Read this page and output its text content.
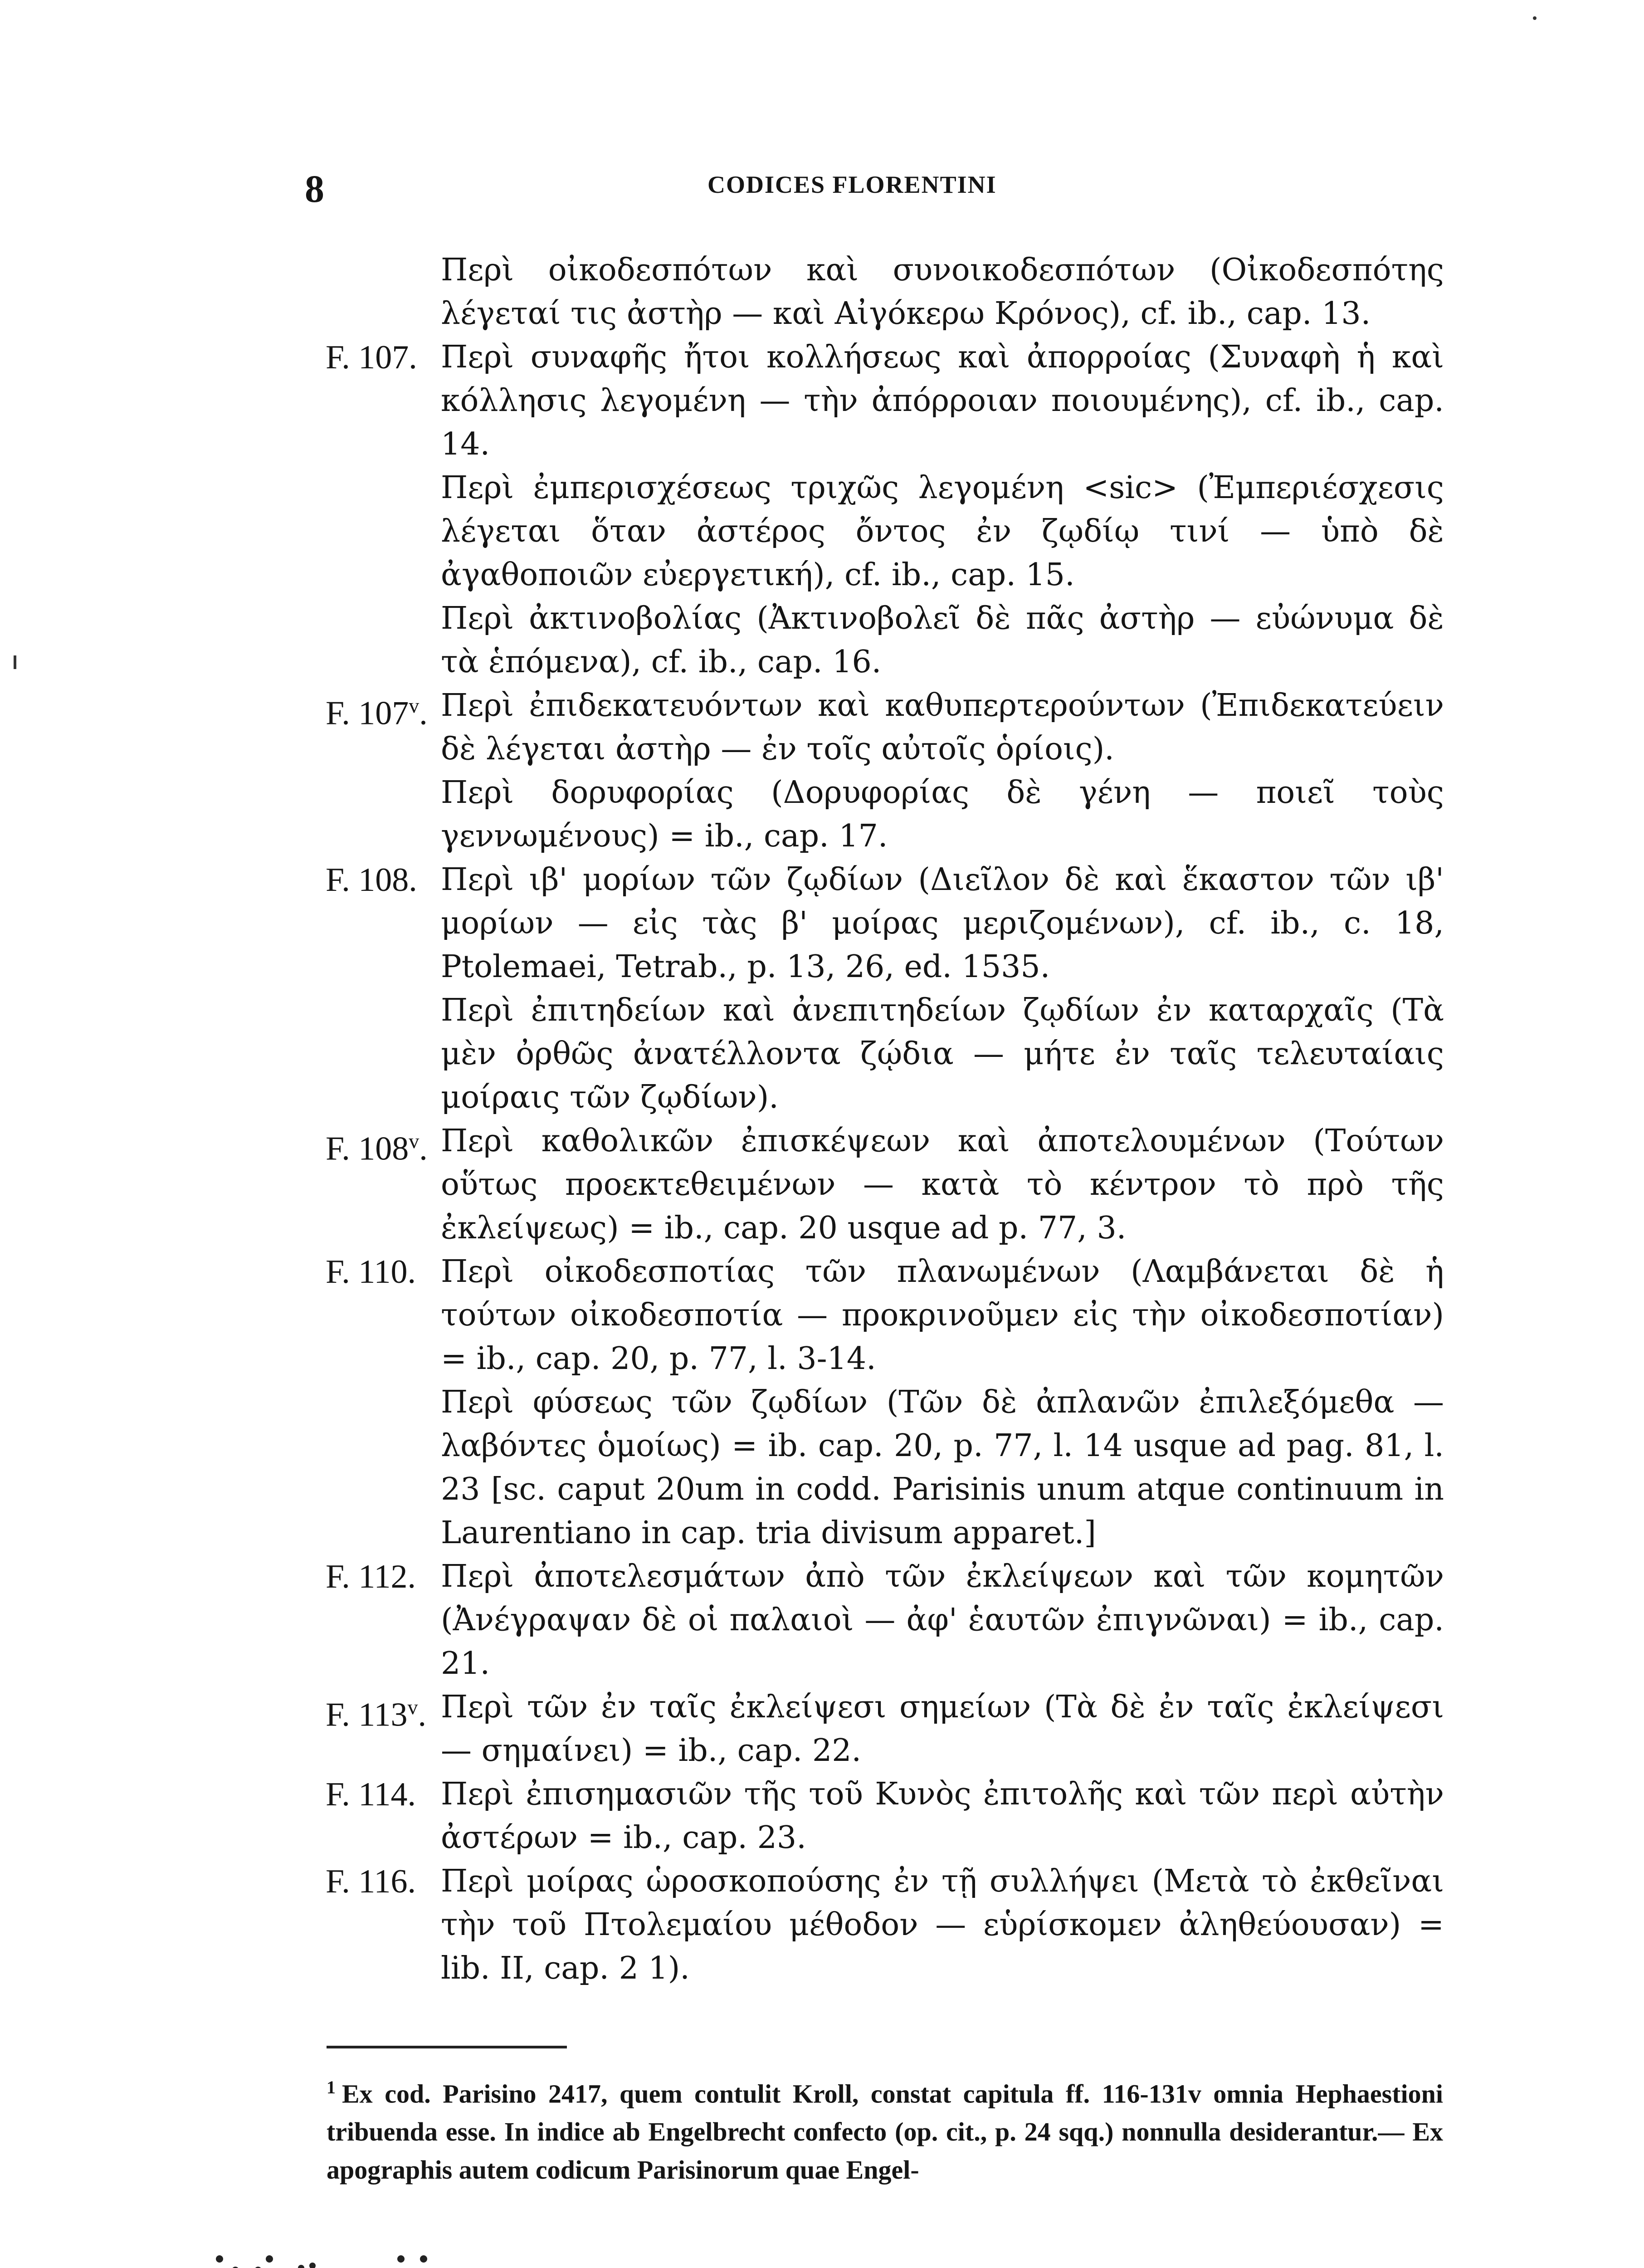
8	CODICES FLORENTINI
Περὶ οἰκοδεσπότων καὶ συνοικοδεσπότων (Οἰκοδεσπότης λέγεταί τις ἀστὴρ — καὶ Αἰγόκερω Κρόνος), cf. ib., cap. 13.
F. 107. Περὶ συναφῆς ἤτοι κολλήσεως καὶ ἀπορροίας (Συναφὴ ἡ καὶ κόλλησις λεγομένη — τὴν ἀπόρροιαν ποιουμένης), cf. ib., cap. 14.
Περὶ ἐμπερισχέσεως τριχῶς λεγομένη <sic> (Ἐμπεριέσχεσις λέγεται ὅταν ἀστέρος ὄντος ἐν ζῳδίῳ τινί — ὑπὸ δὲ ἀγαθοποιῶν εὐεργετική), cf. ib., cap. 15.
Περὶ ἀκτινοβολίας (Ἀκτινοβολεῖ δὲ πᾶς ἀστὴρ — εὐώνυμα δὲ τὰ ἑπόμενα), cf. ib., cap. 16.
F. 107$^v$. Περὶ ἐπιδεκατευόντων καὶ καθυπερτερούντων (Ἐπιδεκατεύειν δὲ λέγεται ἀστὴρ — ἐν τοῖς αὐτοῖς ὁρίοις).
Περὶ δορυφορίας (Δορυφορίας δὲ γένη — ποιεῖ τοὺς γεννωμένους) = ib., cap. 17.
F. 108. Περὶ ιβ' μορίων τῶν ζῳδίων (Διεῖλον δὲ καὶ ἕκαστον τῶν ιβ' μορίων — εἰς τὰς β' μοίρας μεριζομένων), cf. ib., c. 18, Ptolemaei, Tetrab., p. 13, 26, ed. 1535.
Περὶ ἐπιτηδείων καὶ ἀνεπιτηδείων ζῳδίων ἐν καταρχαῖς (Τὰ μὲν ὀρθῶς ἀνατέλλοντα ζῴδια — μήτε ἐν ταῖς τελευταίαις μοίραις τῶν ζῳδίων).
F. 108$^v$. Περὶ καθολικῶν ἐπισκέψεων καὶ ἀποτελουμένων (Τούτων οὕτως προεκτεθειμένων — κατὰ τὸ κέντρον τὸ πρὸ τῆς ἐκλείψεως) = ib., cap. 20 usque ad p. 77, 3.
F. 110. Περὶ οἰκοδεσποτίας τῶν πλανωμένων (Λαμβάνεται δὲ ἡ τούτων οἰκοδεσποτία — προκρινοῦμεν εἰς τὴν οἰκοδεσποτίαν) = ib., cap. 20, p. 77, l. 3-14.
Περὶ φύσεως τῶν ζῳδίων (Τῶν δὲ ἀπλανῶν ἐπιλεξόμεθα — λαβόντες ὁμοίως) = ib. cap. 20, p. 77, l. 14 usque ad pag. 81, l. 23 [sc. caput 20um in codd. Parisinis unum atque continuum in Laurentiano in cap. tria divisum apparet.]
F. 112. Περὶ ἀποτελεσμάτων ἀπὸ τῶν ἐκλείψεων καὶ τῶν κομητῶν (Ἀνέγραψαν δὲ οἱ παλαιοὶ — ἀφ' ἑαυτῶν ἐπιγνῶναι) = ib., cap. 21.
F. 113$^v$. Περὶ τῶν ἐν ταῖς ἐκλείψεσι σημείων (Τὰ δὲ ἐν ταῖς ἐκλείψεσι — σημαίνει) = ib., cap. 22.
F. 114. Περὶ ἐπισημασιῶν τῆς τοῦ Κυνὸς ἐπιτολῆς καὶ τῶν περὶ αὐτὴν ἀστέρων = ib., cap. 23.
F. 116. Περὶ μοίρας ὡροσκοπούσης ἐν τῇ συλλήψει (Μετὰ τὸ ἐκθεῖναι τὴν τοῦ Πτολεμαίου μέθοδον — εὑρίσκομεν ἀληθεύουσαν) = lib. II, cap. 2 1).
$^1$ Ex cod. Parisino 2417, quem contulit Kroll, constat capitula ff. 116-131v omnia Hephaestioni tribuenda esse. In indice ab Engelbrecht confecto (op. cit., p. 24 sqq.) nonnulla desiderantur.— Ex apographis autem codicum Parisinorum quae Engel-
